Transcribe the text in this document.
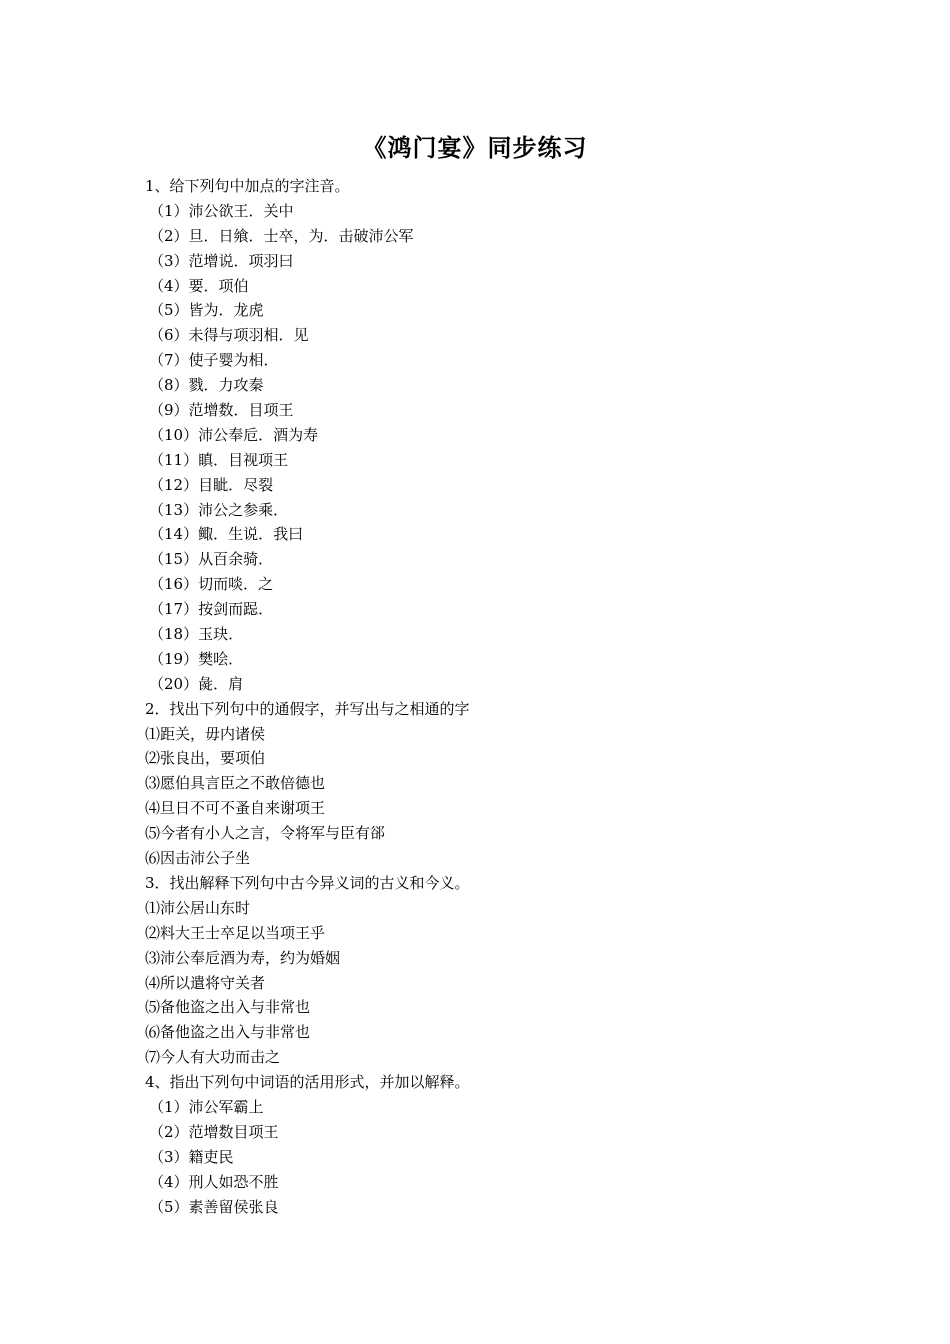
《鸿门宴》同步练习
1、给下列句中加点的字注音。
（1）沛公欲王．关中
（2）旦．日飨．士卒，为．击破沛公军
（3）范增说．项羽曰
（4）要．项伯
（5）皆为．龙虎
（6）未得与项羽相．见
（7）使子婴为相．
（8）戮．力攻秦
（9）范增数．目项王
（10）沛公奉卮．酒为寿
（11）瞋．目视项王
（12）目眦．尽裂
（13）沛公之参乘．
（14）鲰．生说．我曰
（15）从百余骑．
（16）切而啖．之
（17）按剑而跽．
（18）玉玦．
（19）樊哙．
（20）彘．肩
2．找出下列句中的通假字，并写出与之相通的字
⑴距关，毋内诸侯
⑵张良出，要项伯
⑶愿伯具言臣之不敢倍德也
⑷旦日不可不蚤自来谢项王
⑸今者有小人之言，令将军与臣有郤
⑹因击沛公子坐
3．找出解释下列句中古今异义词的古义和今义。
⑴沛公居山东时
⑵料大王士卒足以当项王乎
⑶沛公奉卮酒为寿，约为婚姻
⑷所以遣将守关者
⑸备他盗之出入与非常也
⑹备他盗之出入与非常也
⑺今人有大功而击之
4、指出下列句中词语的活用形式，并加以解释。
（1）沛公军霸上
（2）范增数目项王
（3）籍吏民
（4）刑人如恐不胜
（5）素善留侯张良
